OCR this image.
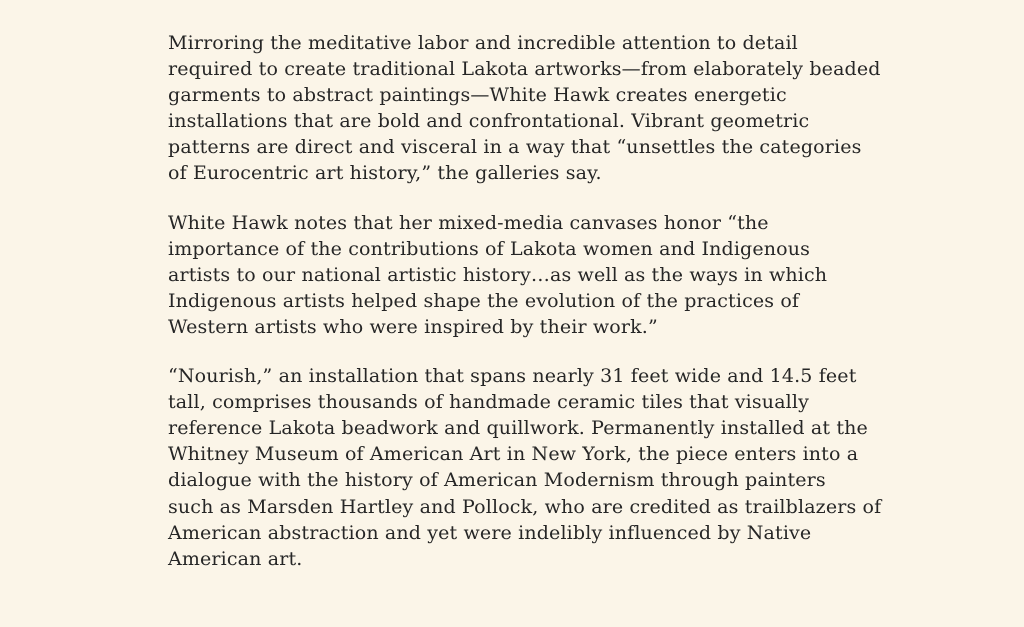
Mirroring the meditative labor and incredible attention to detail
required to create traditional Lakota artworks—from elaborately beaded
garments to abstract paintings—White Hawk creates energetic
installations that are bold and confrontational. Vibrant geometric
patterns are direct and visceral in a way that “unsettles the categories
of Eurocentric art history,” the galleries say.

White Hawk notes that her mixed-media canvases honor “the
importance of the contributions of Lakota women and Indigenous
artists to our national artistic history…as well as the ways in which
Indigenous artists helped shape the evolution of the practices of
Western artists who were inspired by their work.”

“Nourish,” an installation that spans nearly 31 feet wide and 14.5 feet
tall, comprises thousands of handmade ceramic tiles that visually
reference Lakota beadwork and quillwork. Permanently installed at the
Whitney Museum of American Art in New York, the piece enters into a
dialogue with the history of American Modernism through painters
such as Marsden Hartley and Pollock, who are credited as trailblazers of
American abstraction and yet were indelibly influenced by Native
American art.
